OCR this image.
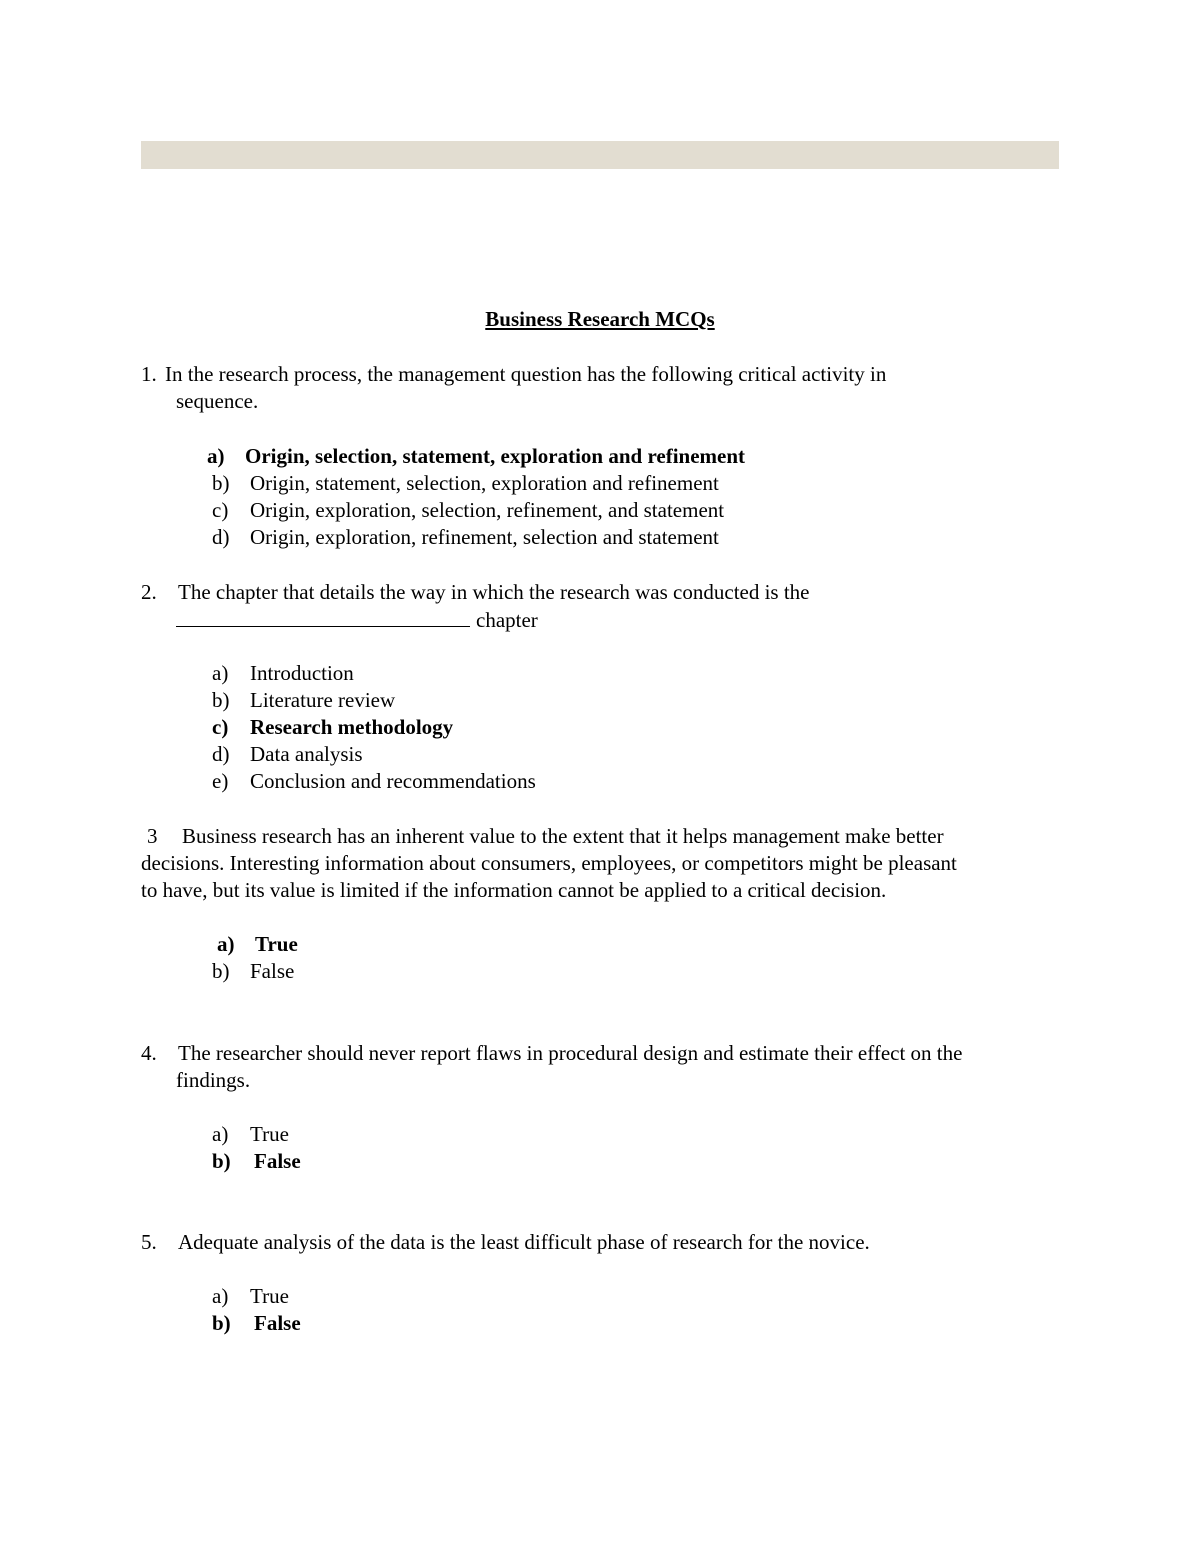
Business Research MCQs
1. In the research process, the management question has the following critical activity in
sequence.
a) Origin, selection, statement, exploration and refinement
b) Origin, statement, selection, exploration and refinement
c) Origin, exploration, selection, refinement, and statement
d) Origin, exploration, refinement, selection and statement
2. The chapter that details the way in which the research was conducted is the
chapter
a) Introduction
b) Literature review
c) Research methodology
d) Data analysis
e) Conclusion and recommendations
3 Business research has an inherent value to the extent that it helps management make better
decisions. Interesting information about consumers, employees, or competitors might be pleasant
to have, but its value is limited if the information cannot be applied to a critical decision.
a) True
b) False
4. The researcher should never report flaws in procedural design and estimate their effect on the
findings.
a) True
b) False
5. Adequate analysis of the data is the least difficult phase of research for the novice.
a) True
b) False
